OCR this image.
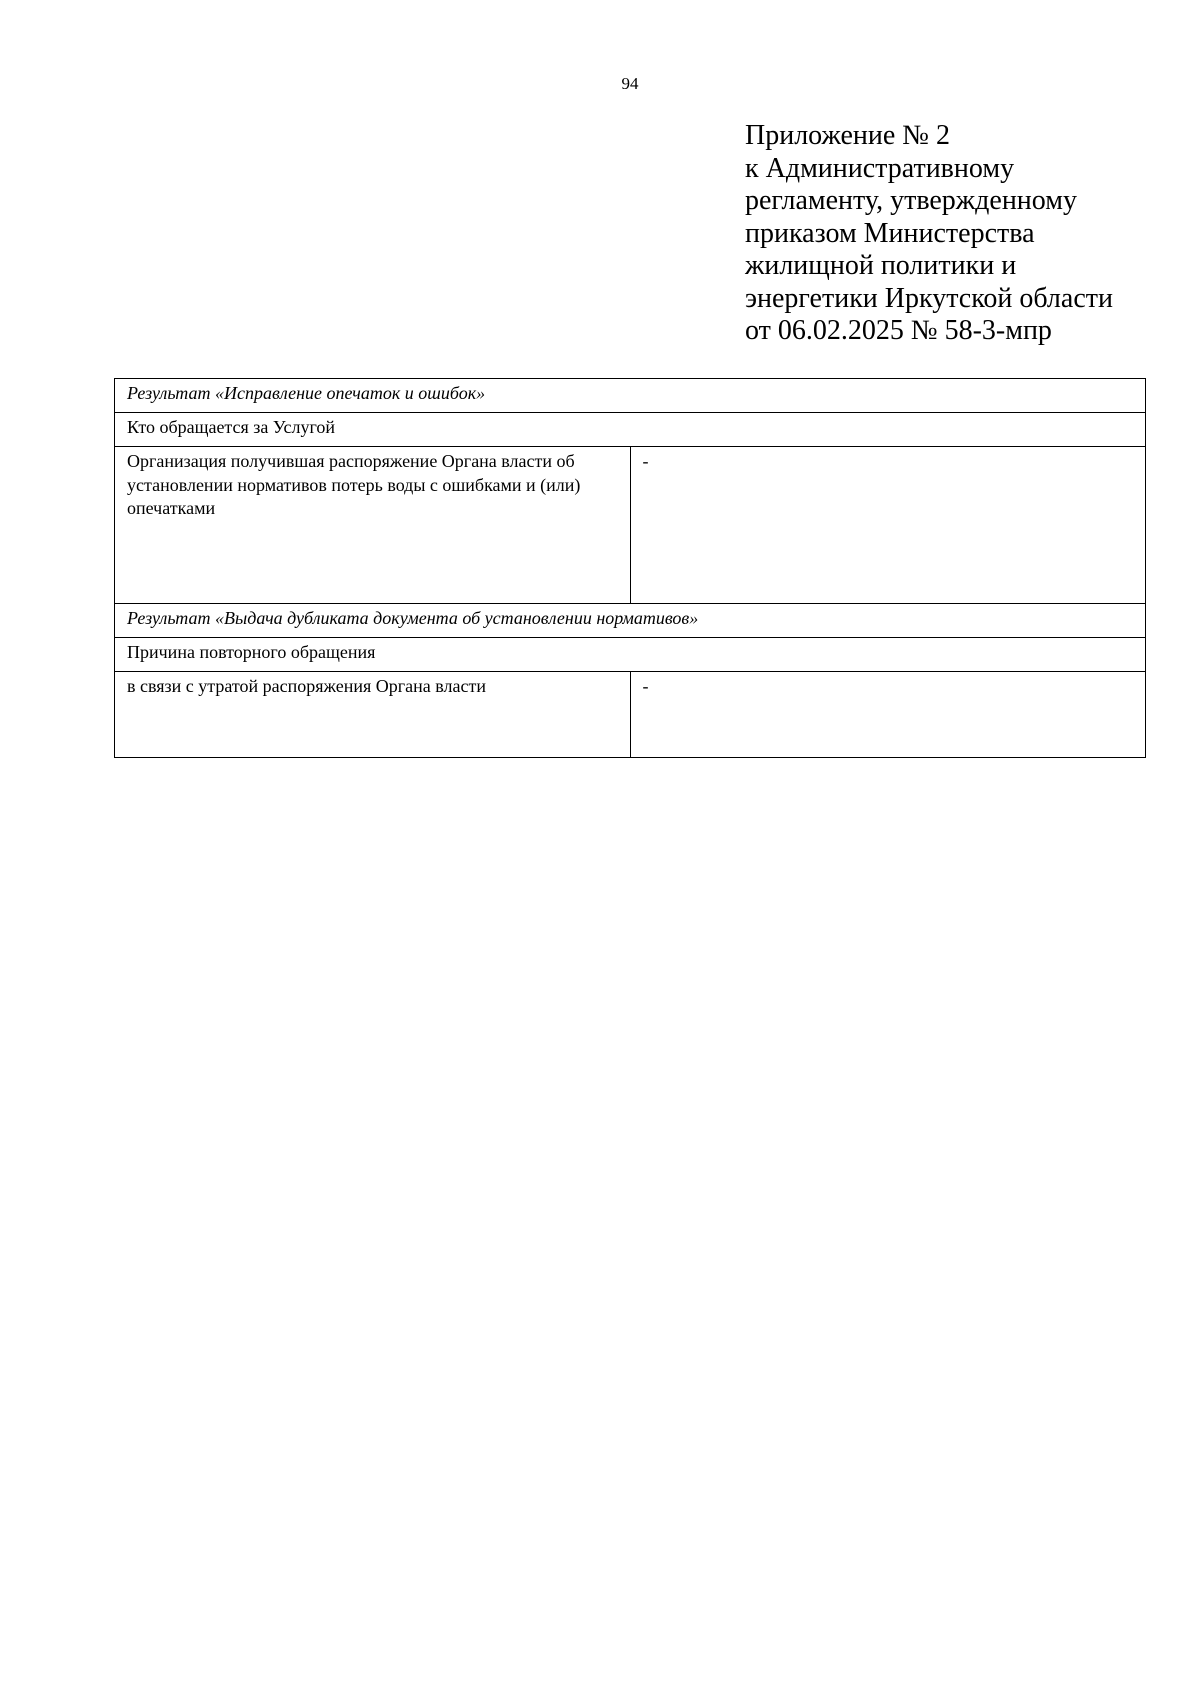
94
Приложение № 2
к Административному
регламенту, утвержденному
приказом Министерства
жилищной политики и
энергетики Иркутской области
от 06.02.2025 № 58-3-мпр
Результат «Исправление опечаток и ошибок»	
Кто обращается за Услугой	
Организация получившая распоряжение Органа власти об установлении нормативов потерь воды с ошибками и (или) опечатками	-
Результат «Выдача дубликата документа об установлении нормативов»	
Причина повторного обращения	
в связи с утратой распоряжения Органа власти	-
